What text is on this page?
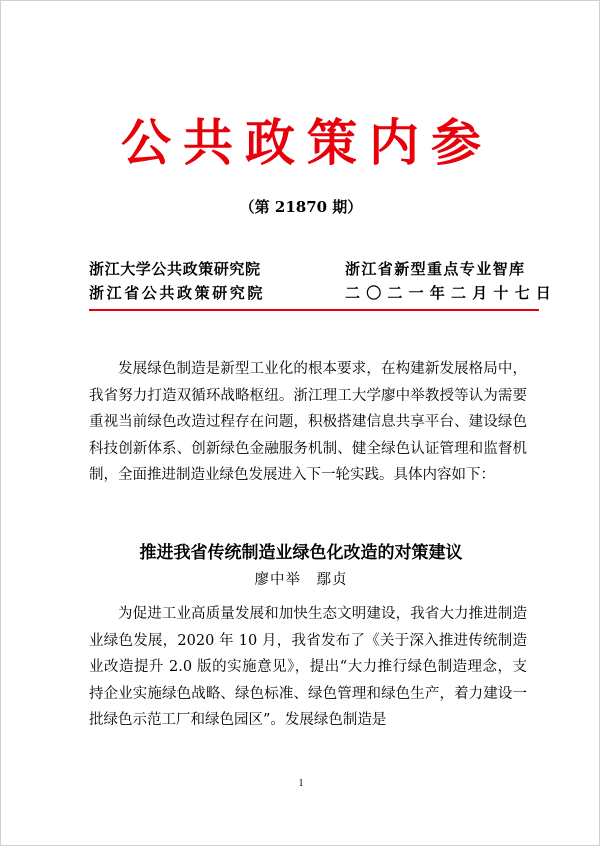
公共政策内参
（第 21870 期）
浙江大学公共政策研究院	浙江省新型重点专业智库
浙江省公共政策研究院	二〇二一年二月十七日
发展绿色制造是新型工业化的根本要求，在构建新发展格局中，我省努力打造双循环战略枢纽。浙江理工大学廖中举教授等认为需要重视当前绿色改造过程存在问题，积极搭建信息共享平台、建设绿色科技创新体系、创新绿色金融服务机制、健全绿色认证管理和监督机制，全面推进制造业绿色发展进入下一轮实践。具体内容如下：
推进我省传统制造业绿色化改造的对策建议
廖中举　鄢贞
为促进工业高质量发展和加快生态文明建设，我省大力推进制造业绿色发展，2020 年 10 月，我省发布了《关于深入推进传统制造业改造提升 2.0 版的实施意见》，提出“大力推行绿色制造理念，支持企业实施绿色战略、绿色标准、绿色管理和绿色生产，着力建设一批绿色示范工厂和绿色园区”。发展绿色制造是
1
